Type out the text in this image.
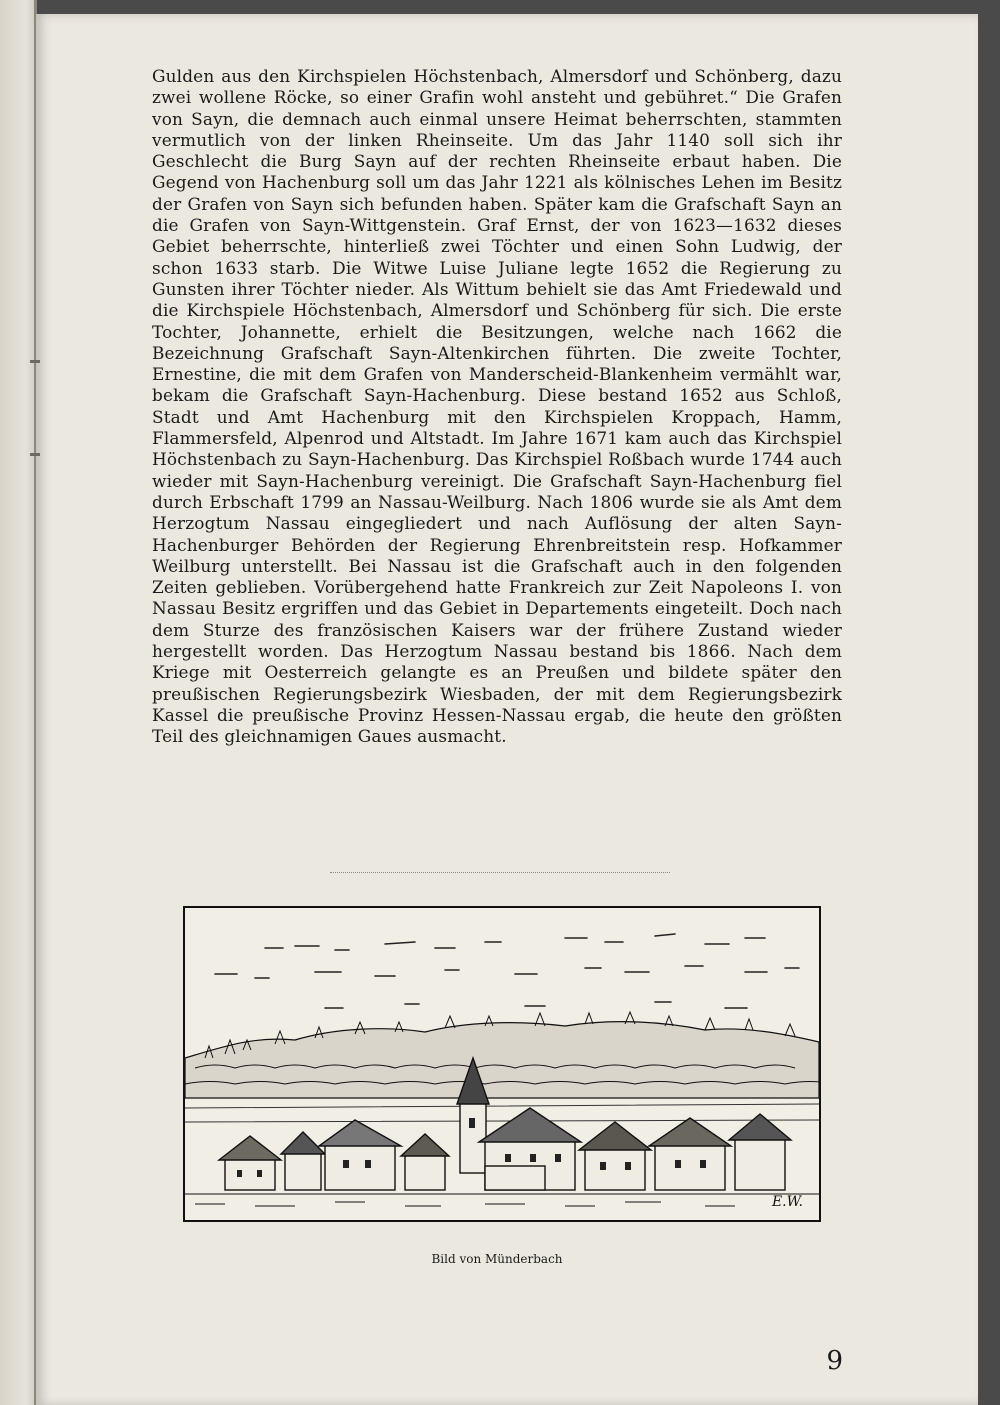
Gulden aus den Kirchspielen Höchstenbach, Almersdorf und Schönberg, dazu zwei wollene Röcke, so einer Grafin wohl ansteht und gebühret.“ Die Grafen von Sayn, die demnach auch einmal unsere Heimat beherrschten, stammten vermutlich von der linken Rheinseite. Um das Jahr 1140 soll sich ihr Geschlecht die Burg Sayn auf der rechten Rheinseite erbaut haben. Die Gegend von Hachenburg soll um das Jahr 1221 als kölnisches Lehen im Besitz der Grafen von Sayn sich befunden haben. Später kam die Grafschaft Sayn an die Grafen von Sayn-Wittgenstein. Graf Ernst, der von 1623—1632 dieses Gebiet beherrschte, hinterließ zwei Töchter und einen Sohn Ludwig, der schon 1633 starb. Die Witwe Luise Juliane legte 1652 die Regierung zu Gunsten ihrer Töchter nieder. Als Wittum behielt sie das Amt Friedewald und die Kirchspiele Höchstenbach, Almersdorf und Schönberg für sich. Die erste Tochter, Johannette, erhielt die Besitzungen, welche nach 1662 die Bezeichnung Grafschaft Sayn-Altenkirchen führten. Die zweite Tochter, Ernestine, die mit dem Grafen von Manderscheid-Blankenheim vermählt war, bekam die Grafschaft Sayn-Hachenburg. Diese bestand 1652 aus Schloß, Stadt und Amt Hachenburg mit den Kirchspielen Kroppach, Hamm, Flammersfeld, Alpenrod und Altstadt. Im Jahre 1671 kam auch das Kirchspiel Höchstenbach zu Sayn-Hachenburg. Das Kirchspiel Roßbach wurde 1744 auch wieder mit Sayn-Hachenburg vereinigt. Die Grafschaft Sayn-Hachenburg fiel durch Erbschaft 1799 an Nassau-Weilburg. Nach 1806 wurde sie als Amt dem Herzogtum Nassau eingegliedert und nach Auflösung der alten Sayn-Hachenburger Behörden der Regierung Ehrenbreitstein resp. Hofkammer Weilburg unterstellt. Bei Nassau ist die Grafschaft auch in den folgenden Zeiten geblieben. Vorübergehend hatte Frankreich zur Zeit Napoleons I. von Nassau Besitz ergriffen und das Gebiet in Departements eingeteilt. Doch nach dem Sturze des französischen Kaisers war der frühere Zustand wieder hergestellt worden. Das Herzogtum Nassau bestand bis 1866. Nach dem Kriege mit Oesterreich gelangte es an Preußen und bildete später den preußischen Regierungsbezirk Wiesbaden, der mit dem Regierungsbezirk Kassel die preußische Provinz Hessen-Nassau ergab, die heute den größten Teil des gleichnamigen Gaues ausmacht.

E.W.
Bild von Münderbach
9
